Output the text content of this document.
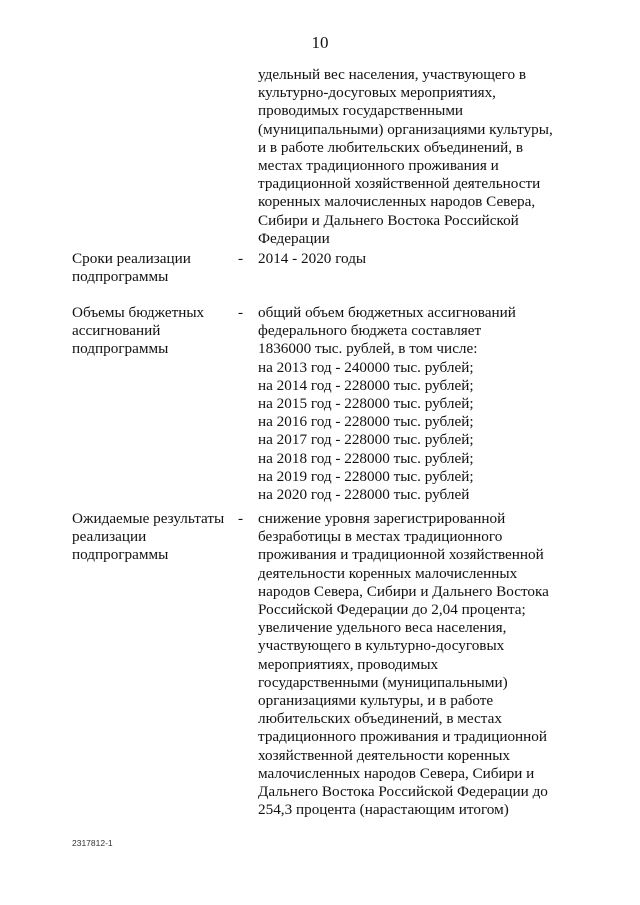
10
удельный вес населения, участвующего в
культурно-досуговых мероприятиях,
проводимых государственными
(муниципальными) организациями культуры,
и в работе любительских объединений, в
местах традиционного проживания и
традиционной хозяйственной деятельности
коренных малочисленных народов Севера,
Сибири и Дальнего Востока Российской
Федерации
Сроки реализации
подпрограммы
- 2014 - 2020 годы
Объемы бюджетных
ассигнований
подпрограммы
- общий объем бюджетных ассигнований
федерального бюджета составляет
1836000 тыс. рублей, в том числе:
на 2013 год - 240000 тыс. рублей;
на 2014 год - 228000 тыс. рублей;
на 2015 год - 228000 тыс. рублей;
на 2016 год - 228000 тыс. рублей;
на 2017 год - 228000 тыс. рублей;
на 2018 год - 228000 тыс. рублей;
на 2019 год - 228000 тыс. рублей;
на 2020 год - 228000 тыс. рублей
Ожидаемые результаты
реализации
подпрограммы
- снижение уровня зарегистрированной
безработицы в местах традиционного
проживания и традиционной хозяйственной
деятельности коренных малочисленных
народов Севера, Сибири и Дальнего Востока
Российской Федерации до 2,04 процента;
увеличение удельного веса населения,
участвующего в культурно-досуговых
мероприятиях, проводимых
государственными (муниципальными)
организациями культуры, и в работе
любительских объединений, в местах
традиционного проживания и традиционной
хозяйственной деятельности коренных
малочисленных народов Севера, Сибири и
Дальнего Востока Российской Федерации до
254,3 процента (нарастающим итогом)
2317812-1
